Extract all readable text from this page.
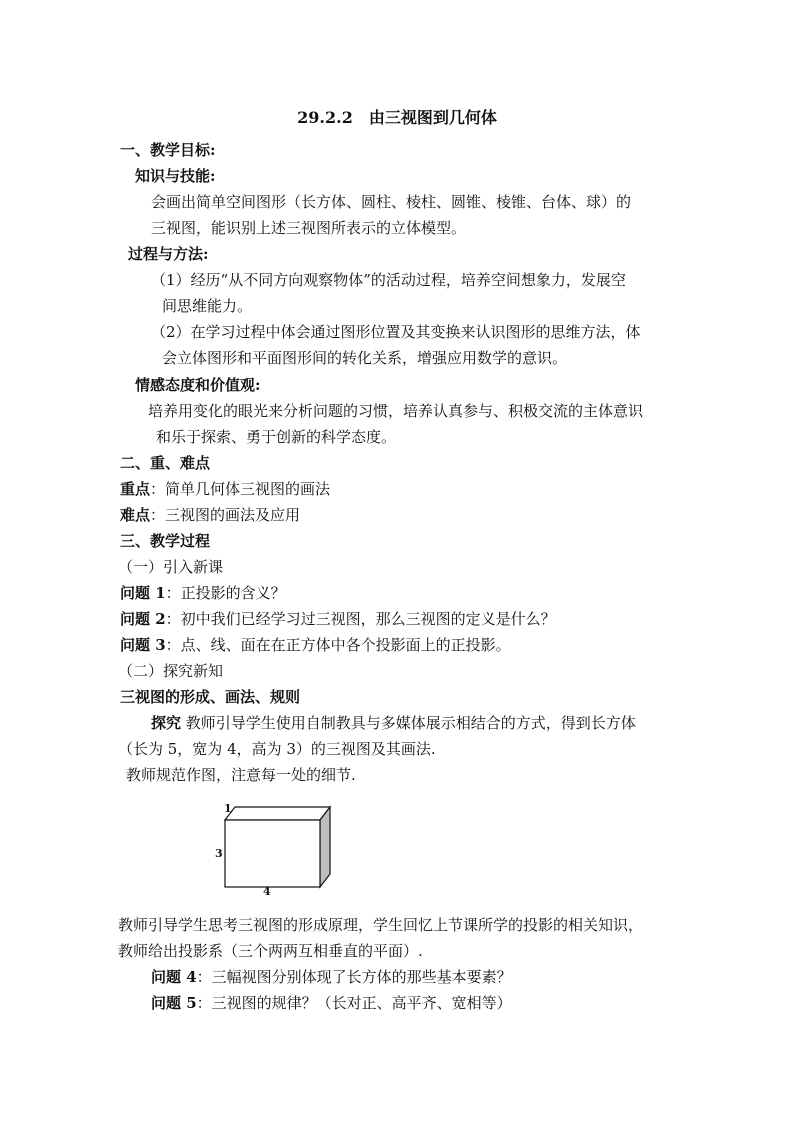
29.2.2　由三视图到几何体
一、教学目标:
知识与技能:
会画出简单空间图形（长方体、圆柱、棱柱、圆锥、棱锥、台体、球）的
三视图，能识别上述三视图所表示的立体模型。
过程与方法:
（1）经历“从不同方向观察物体”的活动过程，培养空间想象力，发展空
间思维能力。
（2）在学习过程中体会通过图形位置及其变换来认识图形的思维方法，体
会立体图形和平面图形间的转化关系，增强应用数学的意识。
情感态度和价值观:
培养用变化的眼光来分析问题的习惯，培养认真参与、积极交流的主体意识
和乐于探索、勇于创新的科学态度。
二、重、难点
重点：简单几何体三视图的画法
难点：三视图的画法及应用
三、教学过程
（一）引入新课
问题 1：正投影的含义？
问题 2：初中我们已经学习过三视图，那么三视图的定义是什么？
问题 3：点、线、面在在正方体中各个投影面上的正投影。
（二）探究新知
三视图的形成、画法、规则
探究 教师引导学生使用自制教具与多媒体展示相结合的方式，得到长方体
（长为 5，宽为 4，高为 3）的三视图及其画法.
教师规范作图，注意每一处的细节.
1
3
4
教师引导学生思考三视图的形成原理，学生回忆上节课所学的投影的相关知识，
教师给出投影系（三个两两互相垂直的平面）.
问题 4：三幅视图分别体现了长方体的那些基本要素？
问题 5：三视图的规律？（长对正、高平齐、宽相等）
